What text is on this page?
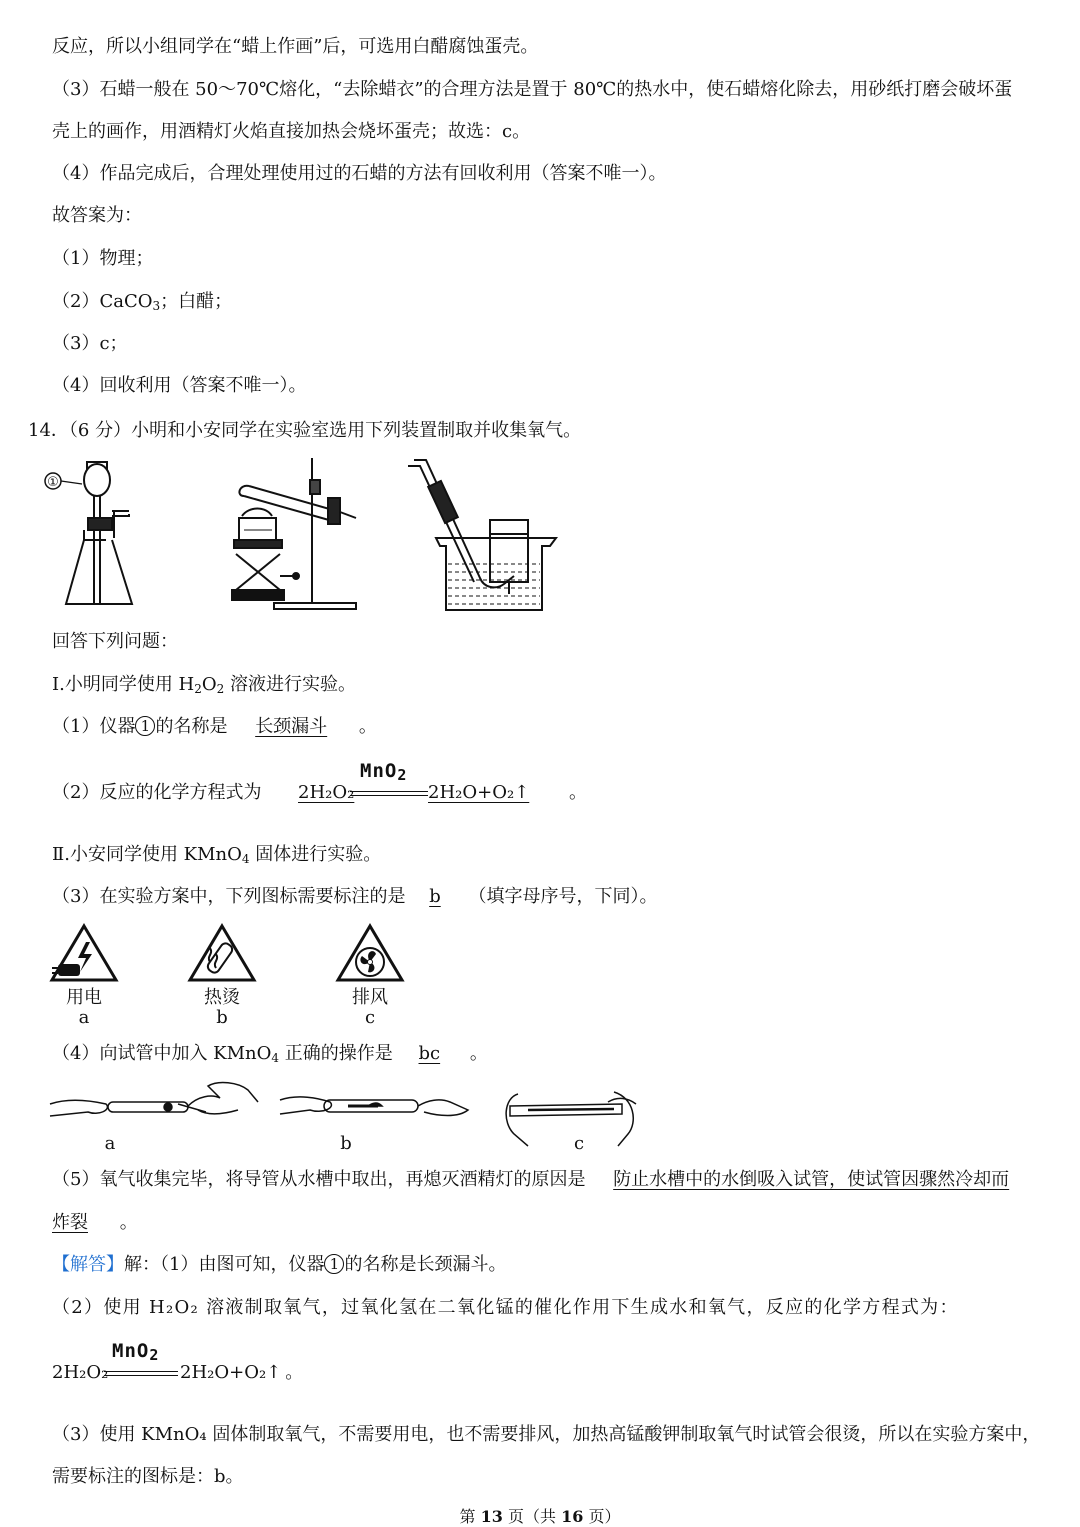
反应，所以小组同学在“蜡上作画”后，可选用白醋腐蚀蛋壳。
（3）石蜡一般在 50～70℃熔化，“去除蜡衣”的合理方法是置于 80℃的热水中，使石蜡熔化除去，用砂纸打磨会破坏蛋
壳上的画作，用酒精灯火焰直接加热会烧坏蛋壳；故选：c。
（4）作品完成后，合理处理使用过的石蜡的方法有回收利用（答案不唯一）。
故答案为：
（1）物理；
（2）CaCO$_3$；白醋；
（3）c；
（4）回收利用（答案不唯一）。
14．（6 分）小明和小安同学在实验室选用下列装置制取并收集氧气。
①
回答下列问题：
Ⅰ.小明同学使用 $H_2O_2$ 溶液进行实验。
（1）仪器 1 的名称是 长颈漏斗 。
（2）反应的化学方程式为	2H₂O₂
MnO$_2$
2H₂O+O₂↑ 。
Ⅱ.小安同学使用 KMnO$_4$ 固体进行实验。
（3）在实验方案中，下列图标需要标注的是 b （填字母序号，下同）。
用电
a
热烫
b
排风
c
（4）向试管中加入 KMnO$_4$ 正确的操作是 bc 。
a	b	c
（5）氧气收集完毕，将导管从水槽中取出，再熄灭酒精灯的原因是 防止水槽中的水倒吸入试管，使试管因骤然冷却而
炸裂 。
【解答】解：（1）由图可知，仪器 1 的名称是长颈漏斗。
（2）使用 H₂O₂ 溶液制取氧气，过氧化氢在二氧化锰的催化作用下生成水和氧气，反应的化学方程式为：
MnO$_2$
2H₂O₂	2H₂O+O₂↑ 。
（3）使用 KMnO₄ 固体制取氧气，不需要用电，也不需要排风，加热高锰酸钾制取氧气时试管会很烫，所以在实验方案中，
需要标注的图标是：b。
第 13 页（共 16 页）
